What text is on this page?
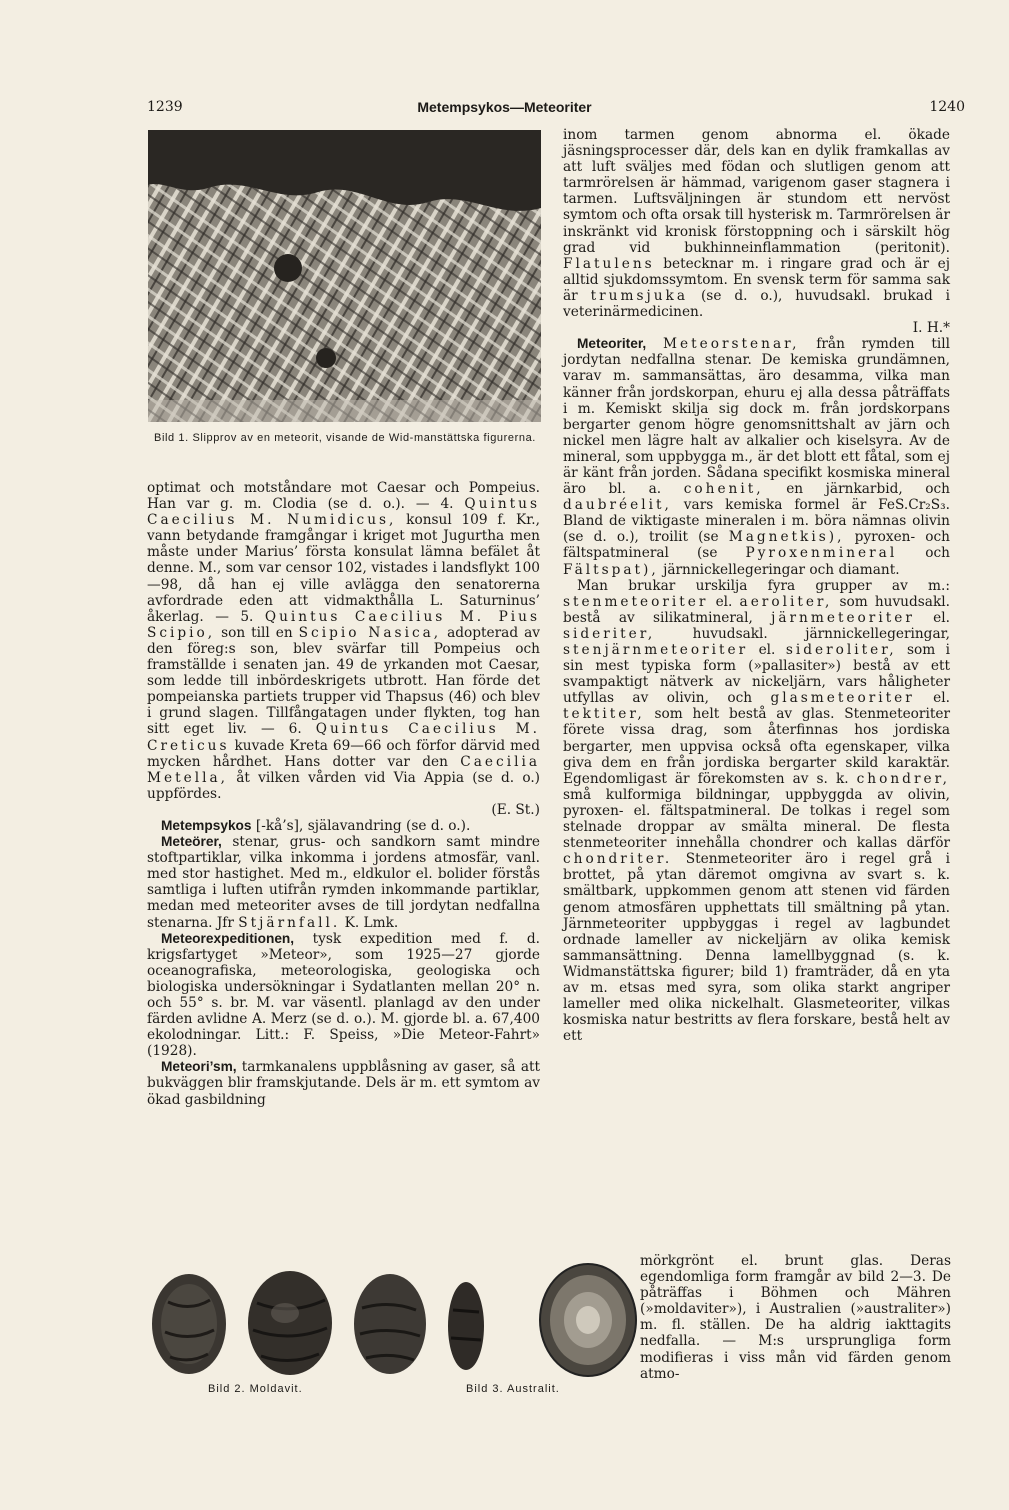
1239	Metempsykos—Meteoriter	1240
Bild 1. Slipprov av en meteorit, visande de Wid-manstättska figurerna.

optimat och motståndare mot Caesar och Pompeius. Han var g. m. Clodia (se d. o.). — 4. Quintus Caecilius M. Numidicus, konsul 109 f. Kr., vann betydande framgångar i kriget mot Jugurtha men måste under Marius’ första konsulat lämna befälet åt denne. M., som var censor 102, vistades i landsflykt 100—98, då han ej ville avlägga den senatorerna avfordrade eden att vidmakthålla L. Saturninus’ åkerlag. — 5. Quintus Caecilius M. Pius Scipio, son till en Scipio Nasica, adopterad av den föreg:s son, blev svärfar till Pompeius och framställde i senaten jan. 49 de yrkanden mot Caesar, som ledde till inbördeskrigets utbrott. Han förde det pompeianska partiets trupper vid Thapsus (46) och blev i grund slagen. Tillfångatagen under flykten, tog han sitt eget liv. — 6. Quintus Caecilius M. Creticus kuvade Kreta 69—66 och förfor därvid med mycken hårdhet. Hans dotter var den Caecilia Metella, åt vilken vården vid Via Appia (se d. o.) uppfördes.
(E. St.)

Metempsykos [-kå’s], själavandring (se d. o.).

Meteörer, stenar, grus- och sandkorn samt mindre stoftpartiklar, vilka inkomma i jordens atmosfär, vanl. med stor hastighet. Med m., eldkulor el. bolider förstås samtliga i luften utifrån rymden inkommande partiklar, medan med meteoriter avses de till jordytan nedfallna stenarna. Jfr Stjärnfall. K. Lmk.

Meteorexpeditionen, tysk expedition med f. d. krigsfartyget »Meteor», som 1925—27 gjorde oceanografiska, meteorologiska, geologiska och biologiska undersökningar i Sydatlanten mellan 20° n. och 55° s. br. M. var väsentl. planlagd av den under färden avlidne A. Merz (se d. o.). M. gjorde bl. a. 67,400 ekolodningar. Litt.: F. Speiss, »Die Meteor-Fahrt» (1928).

Meteori’sm, tarmkanalens uppblåsning av gaser, så att bukväggen blir framskjutande. Dels är m. ett symtom av ökad gasbildning

inom tarmen genom abnorma el. ökade jäsningsprocesser där, dels kan en dylik framkallas av att luft sväljes med födan och slutligen genom att tarmrörelsen är hämmad, varigenom gaser stagnera i tarmen. Luftsväljningen är stundom ett nervöst symtom och ofta orsak till hysterisk m. Tarmrörelsen är inskränkt vid kronisk förstoppning och i särskilt hög grad vid bukhinneinflammation (peritonit). Flatulens betecknar m. i ringare grad och är ej alltid sjukdomssymtom. En svensk term för samma sak är trumsjuka (se d. o.), huvudsakl. brukad i veterinärmedicinen.
I. H.*

Meteoriter, Meteorstenar, från rymden till jordytan nedfallna stenar. De kemiska grundämnen, varav m. sammansättas, äro desamma, vilka man känner från jordskorpan, ehuru ej alla dessa påträffats i m. Kemiskt skilja sig dock m. från jordskorpans bergarter genom högre genomsnittshalt av järn och nickel men lägre halt av alkalier och kiselsyra. Av de mineral, som uppbygga m., är det blott ett fåtal, som ej är känt från jorden. Sådana specifikt kosmiska mineral äro bl. a. cohenit, en järnkarbid, och daubréelit, vars kemiska formel är FeS.Cr₂S₃. Bland de viktigaste mineralen i m. böra nämnas olivin (se d. o.), troilit (se Magnetkis), pyroxen- och fältspatmineral (se Pyroxenmineral och Fältspat), järnnickellegeringar och diamant.

Man brukar urskilja fyra grupper av m.: stenmeteoriter el. aeroliter, som huvudsakl. bestå av silikatmineral, järnmeteoriter el. sideriter,	huvudsakl. järnnickellegeringar, stenjärnmeteoriter el. sideroliter, som i sin mest typiska form (»pallasiter») bestå av ett svampaktigt nätverk av nickeljärn, vars håligheter utfyllas av olivin, och glasmeteoriter el. tektiter, som helt bestå av glas. Stenmeteoriter förete vissa drag, som återfinnas hos jordiska bergarter, men uppvisa också ofta egenskaper, vilka giva dem en från jordiska bergarter skild karaktär. Egendomligast är förekomsten av s. k. chondrer, små kulformiga bildningar, uppbyggda av olivin, pyroxen- el. fältspatmineral. De tolkas i regel som stelnade droppar av smälta mineral. De flesta stenmeteoriter innehålla chondrer och kallas därför chondriter. Stenmeteoriter äro i regel grå i brottet, på ytan däremot omgivna av svart s. k. smältbark, uppkommen genom att stenen vid färden genom atmosfären upphettats till smältning på ytan. Järnmeteoriter uppbyggas i regel av lagbundet ordnade lameller av nickeljärn av olika kemisk sammansättning. Denna lamellbyggnad (s. k. Widmanstättska figurer; bild 1) framträder, då en yta av m. etsas med syra, som olika starkt angriper lameller med olika nickelhalt. Glasmeteoriter, vilkas kosmiska natur bestritts av flera forskare, bestå helt av ett

mörkgrönt el. brunt glas. Deras egendomliga form framgår av bild 2—3. De påträffas i Böhmen och Mähren (»moldaviter»), i Australien (»australiter») m. fl. ställen. De ha aldrig iakttagits nedfalla. — M:s ursprungliga form modifieras i viss mån vid färden genom atmo-
Bild 2. Moldavit.	Bild 3. Australit.
